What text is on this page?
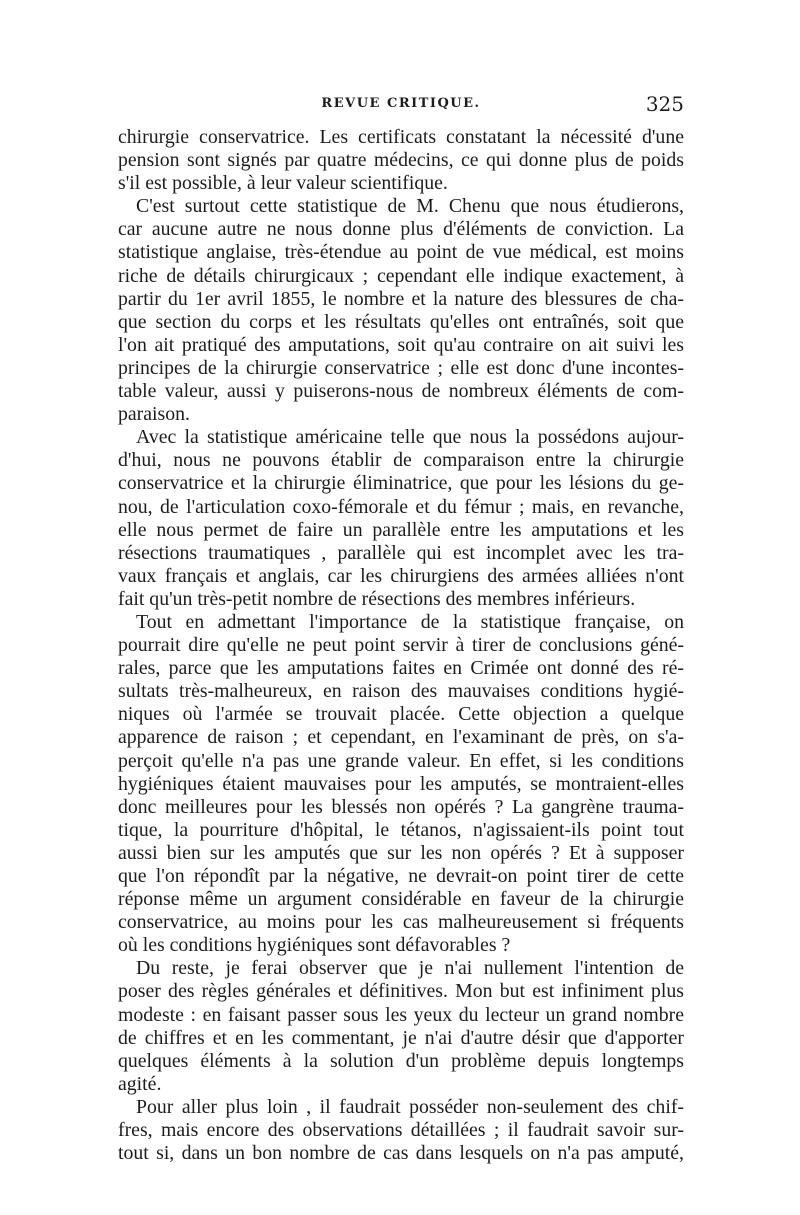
REVUE CRITIQUE.	325
chirurgie conservatrice. Les certificats constatant la nécessité d'une
pension sont signés par quatre médecins, ce qui donne plus de poids
s'il est possible, à leur valeur scientifique.
C'est surtout cette statistique de M. Chenu que nous étudierons,
car aucune autre ne nous donne plus d'éléments de conviction. La
statistique anglaise, très-étendue au point de vue médical, est moins
riche de détails chirurgicaux ; cependant elle indique exactement, à
partir du 1er avril 1855, le nombre et la nature des blessures de cha-
que section du corps et les résultats qu'elles ont entraînés, soit que
l'on ait pratiqué des amputations, soit qu'au contraire on ait suivi les
principes de la chirurgie conservatrice ; elle est donc d'une incontes-
table valeur, aussi y puiserons-nous de nombreux éléments de com-
paraison.
Avec la statistique américaine telle que nous la possédons aujour-
d'hui, nous ne pouvons établir de comparaison entre la chirurgie
conservatrice et la chirurgie éliminatrice, que pour les lésions du ge-
nou, de l'articulation coxo-fémorale et du fémur ; mais, en revanche,
elle nous permet de faire un parallèle entre les amputations et les
résections traumatiques , parallèle qui est incomplet avec les tra-
vaux français et anglais, car les chirurgiens des armées alliées n'ont
fait qu'un très-petit nombre de résections des membres inférieurs.
Tout en admettant l'importance de la statistique française, on
pourrait dire qu'elle ne peut point servir à tirer de conclusions géné-
rales, parce que les amputations faites en Crimée ont donné des ré-
sultats très-malheureux, en raison des mauvaises conditions hygié-
niques où l'armée se trouvait placée. Cette objection a quelque
apparence de raison ; et cependant, en l'examinant de près, on s'a-
perçoit qu'elle n'a pas une grande valeur. En effet, si les conditions
hygiéniques étaient mauvaises pour les amputés, se montraient-elles
donc meilleures pour les blessés non opérés ? La gangrène trauma-
tique, la pourriture d'hôpital, le tétanos, n'agissaient-ils point tout
aussi bien sur les amputés que sur les non opérés ? Et à supposer
que l'on répondît par la négative, ne devrait-on point tirer de cette
réponse même un argument considérable en faveur de la chirurgie
conservatrice, au moins pour les cas malheureusement si fréquents
où les conditions hygiéniques sont défavorables ?
Du reste, je ferai observer que je n'ai nullement l'intention de
poser des règles générales et définitives. Mon but est infiniment plus
modeste : en faisant passer sous les yeux du lecteur un grand nombre
de chiffres et en les commentant, je n'ai d'autre désir que d'apporter
quelques éléments à la solution d'un problème depuis longtemps
agité.
Pour aller plus loin , il faudrait posséder non-seulement des chif-
fres, mais encore des observations détaillées ; il faudrait savoir sur-
tout si, dans un bon nombre de cas dans lesquels on n'a pas amputé,
